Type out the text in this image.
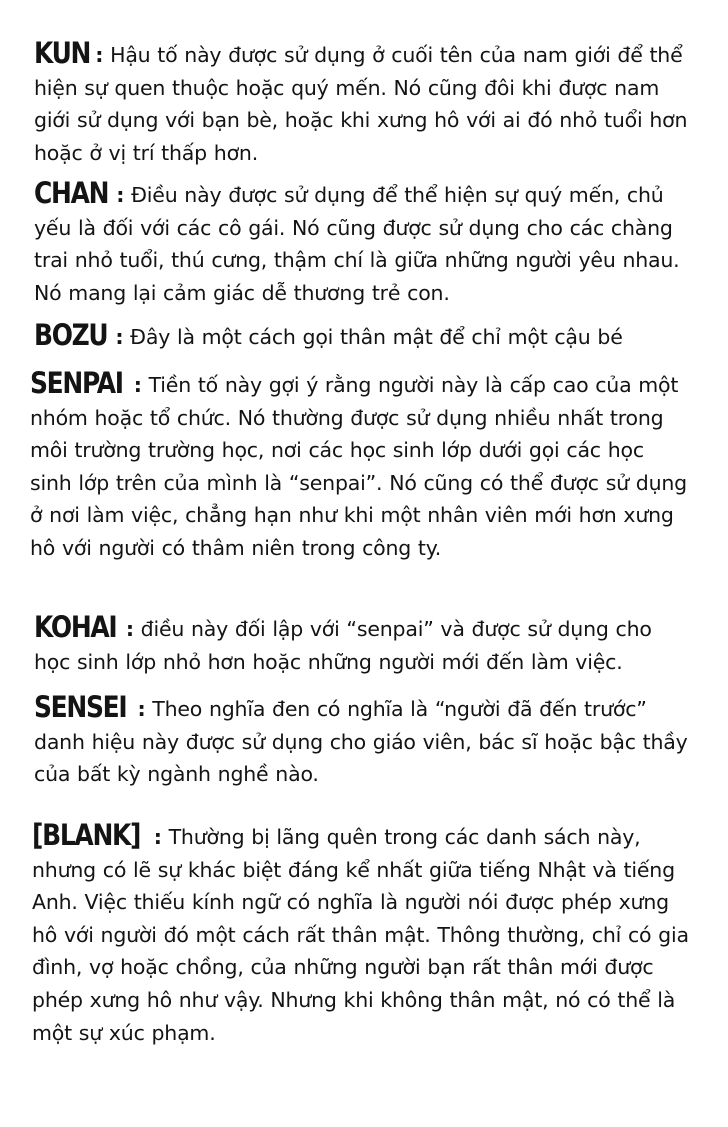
KUN : Hậu tố này được sử dụng ở cuối tên của nam giới để thể hiện sự quen thuộc hoặc quý mến. Nó cũng đôi khi được nam giới sử dụng với bạn bè, hoặc khi xưng hô với ai đó nhỏ tuổi hơn hoặc ở vị trí thấp hơn.

CHAN : Điều này được sử dụng để thể hiện sự quý mến, chủ yếu là đối với các cô gái. Nó cũng được sử dụng cho các chàng trai nhỏ tuổi, thú cưng, thậm chí là giữa những người yêu nhau. Nó mang lại cảm giác dễ thương trẻ con.

BOZU : Đây là một cách gọi thân mật để chỉ một cậu bé

SENPAI : Tiền tố này gợi ý rằng người này là cấp cao của một nhóm hoặc tổ chức. Nó thường được sử dụng nhiều nhất trong môi trường trường học, nơi các học sinh lớp dưới gọi các học sinh lớp trên của mình là “senpai”. Nó cũng có thể được sử dụng ở nơi làm việc, chẳng hạn như khi một nhân viên mới hơn xưng hô với người có thâm niên trong công ty.

KOHAI : điều này đối lập với “senpai” và được sử dụng cho học sinh lớp nhỏ hơn hoặc những người mới đến làm việc.

SENSEI : Theo nghĩa đen có nghĩa là “người đã đến trước” danh hiệu này được sử dụng cho giáo viên, bác sĩ hoặc bậc thầy của bất kỳ ngành nghề nào.

[BLANK] : Thường bị lãng quên trong các danh sách này, nhưng có lẽ sự khác biệt đáng kể nhất giữa tiếng Nhật và tiếng Anh. Việc thiếu kính ngữ có nghĩa là người nói được phép xưng hô với người đó một cách rất thân mật. Thông thường, chỉ có gia đình, vợ hoặc chồng, của những người bạn rất thân mới được phép xưng hô như vậy. Nhưng khi không thân mật, nó có thể là một sự xúc phạm.
